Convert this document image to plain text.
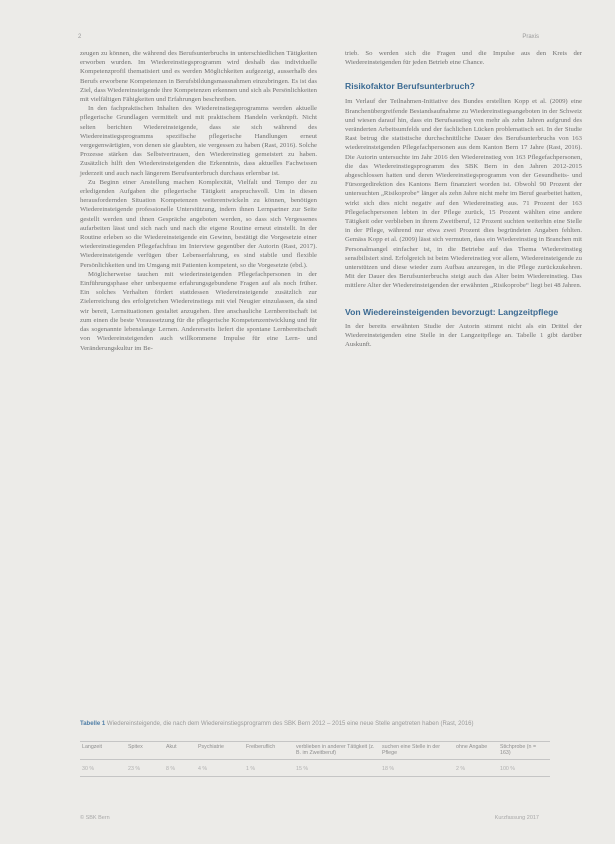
2	Praxis

zeugen zu können, die während des Berufsunterbruchs in unterschiedlichen Tätigkeiten erworben wurden. Im Wiedereinstiegsprogramm wird deshalb das individuelle Kompetenzprofil thematisiert und es werden Möglichkeiten aufgezeigt, ausserhalb des Berufs erworbene Kompetenzen in Berufsbildungsmassnahmen einzubringen. Es ist das Ziel, dass Wiedereinsteigende ihre Kompetenzen erkennen und sich als Persönlichkeiten mit vielfältigen Fähigkeiten und Erfahrungen beschreiben.

In den fachpraktischen Inhalten des Wiedereinstiegsprogramms werden aktuelle pflegerische Grundlagen vermittelt und mit praktischem Handeln verknüpft. Nicht selten berichten Wiedereinsteigende, dass sie sich während des Wiedereinstiegsprogramms spezifische pflegerische Handlungen erneut vergegenwärtigten, von denen sie glaubten, sie vergessen zu haben (Rast, 2016). Solche Prozesse stärken das Selbstvertrauen, den Wiedereinstieg gemeistert zu haben. Zusätzlich hilft den Wiedereinsteigenden die Erkenntnis, dass aktuelles Fachwissen jederzeit und auch nach längerem Berufsunterbruch durchaus erlernbar ist.

Zu Beginn einer Anstellung machen Komplexität, Vielfalt und Tempo der zu erledigenden Aufgaben die pflegerische Tätigkeit anspruchsvoll. Um in diesen herausfordernden Situation Kompetenzen weiterentwickeln zu können, benötigen Wiedereinsteigende professionelle Unterstützung, indem ihnen Lernpartner zur Seite gestellt werden und ihnen Gespräche angeboten werden, so dass sich Vergessenes aufarbeiten lässt und sich nach und nach die eigene Routine erneut einstellt. In der Routine erleben so die Wiedereinsteigende ein Gewinn, bestätigt die Vorgesetzte einer wiedereinstiegenden Pflegefachfrau im Interview gegenüber der Autorin (Rast, 2017). Wiedereinsteigende verfügen über Lebenserfahrung, es sind stabile und flexible Persönlichkeiten und im Umgang mit Patienten kompetent, so die Vorgesetzte (ebd.).

Möglicherweise tauchen mit wiederinsteigenden Pflegefachpersonen in der Einführungsphase eher unbequeme erfahrungsgebundene Fragen auf als noch früher. Ein solches Verhalten fördert stattdessen Wiedereinsteigende zusätzlich zur Zielerreichung des erfolgreichen Wiedereinstiegs mit viel Neugier einzulassen, da sind wir bereit, Lernsituationen gestaltet anzugehen. Ihre anschauliche Lernbereitschaft ist zum einen die beste Voraussetzung für die pflegerische Kompetenzentwicklung und für das sogenannte lebenslange Lernen. Andererseits liefert die spontane Lernbereitschaft von Wiedereinsteigenden auch willkommene Impulse für eine Lern- und Veränderungskultur im Be-

trieb. So werden sich die Fragen und die Impulse aus den Kreis der Wiedereinsteigenden für jeden Betrieb eine Chance.

Risikofaktor Berufsunterbruch?

Im Verlauf der Teilnahmen-Initiative des Bundes erstellten Kopp et al. (2009) eine Branchenübergreifende Bestandsaufnahme zu Wiedereinstiegsangeboten in der Schweiz und wiesen darauf hin, dass ein Berufsaustieg von mehr als zehn Jahren aufgrund des veränderten Arbeitsumfelds und der fachlichen Lücken problematisch sei. In der Studie Rast betrug die statistische durchschnittliche Dauer des Berufsunterbruchs von 163 wiedereinsteigenden Pflegefachpersonen aus dem Kanton Bern 17 Jahre (Rast, 2016). Die Autorin untersuchte im Jahr 2016 den Wiedereinstieg von 163 Pflegefachpersonen, die das Wiedereinstiegsprogramm des SBK Bern in den Jahren 2012-2015 abgeschlossen hatten und deren Wiedereinstiegsprogramm von der Gesundheits- und Fürsorgedirektion des Kantons Bern finanziert worden ist. Obwohl 90 Prozent der untersuchten „Risikoprobe“ länger als zehn Jahre nicht mehr im Beruf gearbeitet hatten, wirkt sich dies nicht negativ auf den Wiedereinstieg aus. 71 Prozent der 163 Pflegefachpersonen lebten in der Pflege zurück, 15 Prozent wählten eine andere Tätigkeit oder verblieben in ihrem Zweitberuf, 12 Prozent suchten weiterhin eine Stelle in der Pflege, während nur etwa zwei Prozent dies begründeten Angaben fehlten. Gemäss Kopp et al. (2009) lässt sich vermuten, dass ein Wiedereinstieg in Branchen mit Personalmangel einfacher ist, in die Betriebe auf das Thema Wiedereinstieg sensibilisiert sind. Erfolgreich ist beim Wiedereinstieg vor allem, Wiedereinsteigende zu unterstützen und diese wieder zum Aufbau anzuregen, in die Pflege zurückzukehren. Mit der Dauer des Berufsunterbruchs steigt auch das Alter beim Wiedereinstieg. Das mittlere Alter der Wiedereinsteigenden der erwähnten „Risikoprobe“ liegt bei 48 Jahren.

Von Wiedereinsteigenden bevorzugt: Langzeitpflege

In der bereits erwähnten Studie der Autorin stimmt nicht als ein Drittel der Wiedereinsteigenden eine Stelle in der Langzeitpflege an. Tabelle 1 gibt darüber Auskunft.

Tabelle 1 Wiedereinsteigende, die nach dem Wiedereinstiegsprogramm des SBK Bern 2012 – 2015 eine neue Stelle angetreten haben (Rast, 2016)
Langzeit	Spitex	Akut	Psychiatrie	Freiberuflich	verblieben in anderer Tätigkeit (z. B. im Zweitberuf)	suchen eine Stelle in der Pflege	ohne Angabe	Stichprobe (n = 163)
30 %	23 %	8 %	4 %	1 %	15 %	18 %	2 %	100 %
© SBK Bern	Kurzfassung 2017
